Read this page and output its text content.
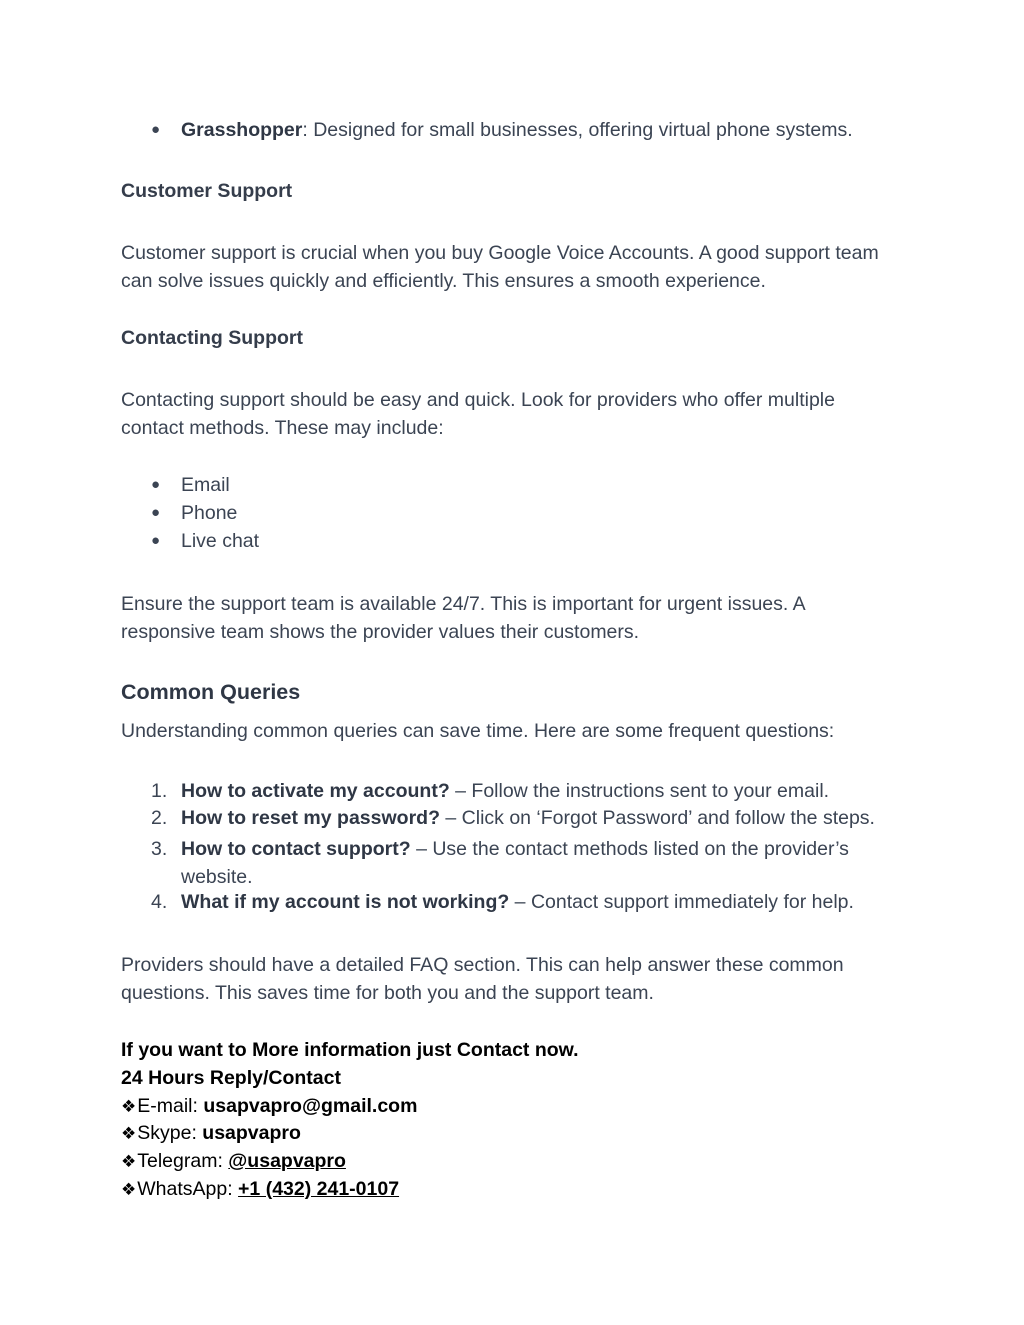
● Grasshopper: Designed for small businesses, offering virtual phone systems.
Customer Support
Customer support is crucial when you buy Google Voice Accounts. A good support team can solve issues quickly and efficiently. This ensures a smooth experience.
Contacting Support
Contacting support should be easy and quick. Look for providers who offer multiple contact methods. These may include:
● Email
● Phone
● Live chat
Ensure the support team is available 24/7. This is important for urgent issues. A responsive team shows the provider values their customers.
Common Queries
Understanding common queries can save time. Here are some frequent questions:
1. How to activate my account? – Follow the instructions sent to your email.
2. How to reset my password? – Click on ‘Forgot Password’ and follow the steps.
3. How to contact support? – Use the contact methods listed on the provider’s website.
4. What if my account is not working? – Contact support immediately for help.
Providers should have a detailed FAQ section. This can help answer these common questions. This saves time for both you and the support team.
If you want to More information just Contact now.
24 Hours Reply/Contact
❖E-mail: usapvapro@gmail.com
❖Skype: usapvapro
❖Telegram: @usapvapro
❖WhatsApp: +1 (432) 241-0107
